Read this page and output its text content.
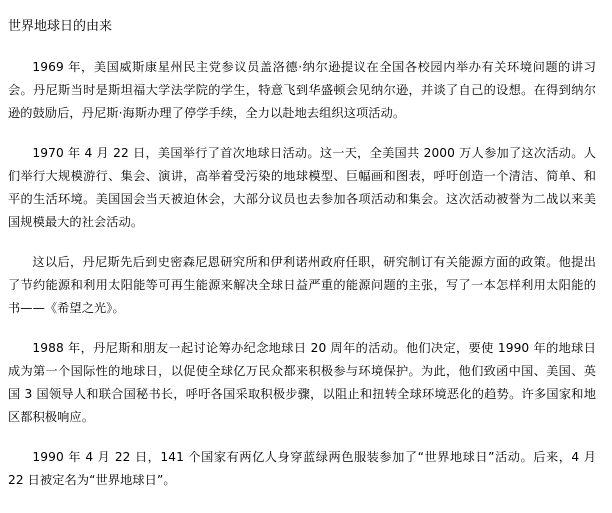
世界地球日的由来

1969 年，美国威斯康星州民主党参议员盖洛德·纳尔逊提议在全国各校园内举办有关环境问题的讲习会。丹尼斯当时是斯坦福大学法学院的学生，特意飞到华盛顿会见纳尔逊，并谈了自己的设想。在得到纳尔逊的鼓励后，丹尼斯·海斯办理了停学手续，全力以赴地去组织这项活动。

1970 年 4 月 22 日，美国举行了首次地球日活动。这一天，全美国共 2000 万人参加了这次活动。人们举行大规模游行、集会、演讲，高举着受污染的地球模型、巨幅画和图表，呼吁创造一个清洁、简单、和平的生活环境。美国国会当天被迫休会，大部分议员也去参加各项活动和集会。这次活动被誉为二战以来美国规模最大的社会活动。

这以后，丹尼斯先后到史密森尼恩研究所和伊利诺州政府任职，研究制订有关能源方面的政策。他提出了节约能源和利用太阳能等可再生能源来解决全球日益严重的能源问题的主张，写了一本怎样利用太阳能的书——《希望之光》。

1988 年，丹尼斯和朋友一起讨论筹办纪念地球日 20 周年的活动。他们决定，要使 1990 年的地球日成为第一个国际性的地球日，以促使全球亿万民众都来积极参与环境保护。为此，他们致函中国、美国、英国 3 国领导人和联合国秘书长，呼吁各国采取积极步骤，以阻止和扭转全球环境恶化的趋势。许多国家和地区都积极响应。

1990 年 4 月 22 日，141 个国家有两亿人身穿蓝绿两色服装参加了“世界地球日”活动。后来，4 月 22 日被定名为“世界地球日”。
